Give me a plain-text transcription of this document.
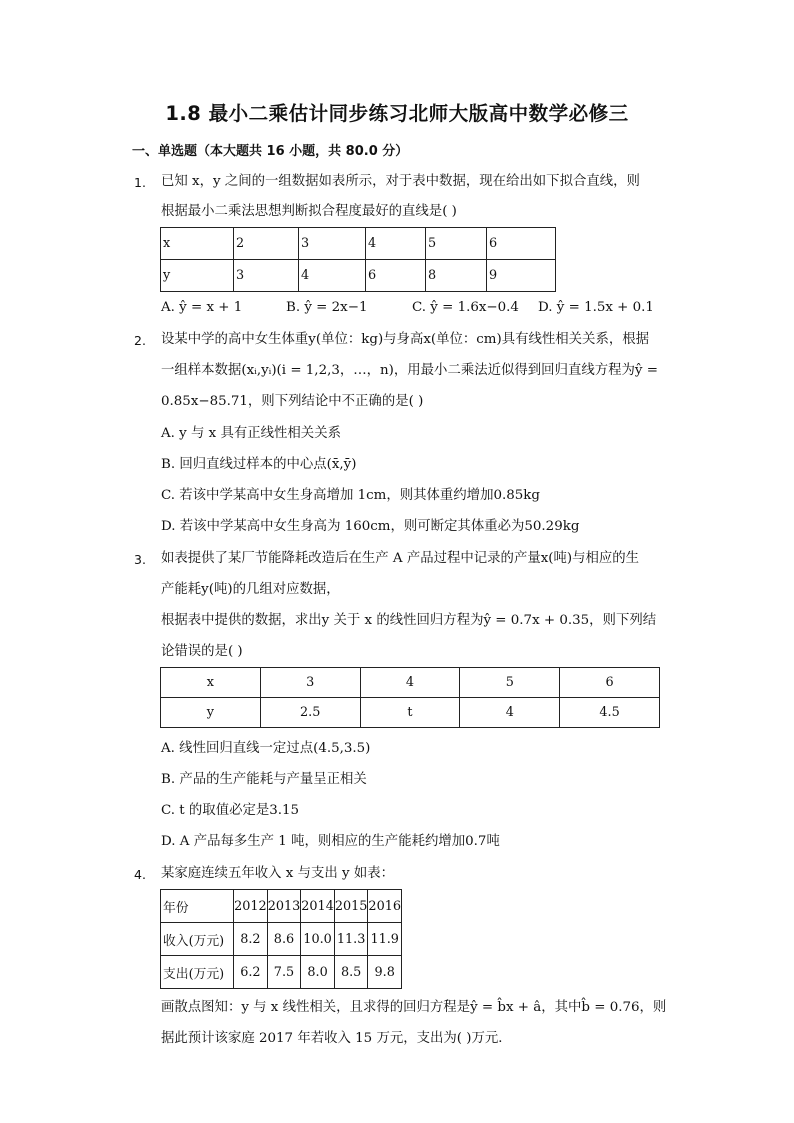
1.8 最小二乘估计同步练习北师大版高中数学必修三
一、单选题（本大题共 16 小题，共 80.0 分）
1. 已知 x，y 之间的一组数据如表所示，对于表中数据，现在给出如下拟合直线，则
根据最小二乘法思想判断拟合程度最好的直线是( )
x	2	3	4	5	6
y	3	4	6	8	9
A. ŷ = x + 1	B. ŷ = 2x−1	C. ŷ = 1.6x−0.4 D. ŷ = 1.5x + 0.1
2. 设某中学的高中女生体重y(单位：kg)与身高x(单位：cm)具有线性相关关系，根据
一组样本数据(xᵢ,yᵢ)(i = 1,2,3，…，n)，用最小二乘法近似得到回归直线方程为ŷ =
0.85x−85.71，则下列结论中不正确的是( )
A. y 与 x 具有正线性相关关系
B. 回归直线过样本的中心点(x̄,ȳ)
C. 若该中学某高中女生身高增加 1cm，则其体重约增加0.85kg
D. 若该中学某高中女生身高为 160cm，则可断定其体重必为50.29kg
3. 如表提供了某厂节能降耗改造后在生产 A 产品过程中记录的产量x(吨)与相应的生
产能耗y(吨)的几组对应数据，
根据表中提供的数据，求出y 关于 x 的线性回归方程为ŷ = 0.7x + 0.35，则下列结
论错误的是( )
x	3	4	5	6
y	2.5	t	4	4.5
A. 线性回归直线一定过点(4.5,3.5)
B. 产品的生产能耗与产量呈正相关
C. t 的取值必定是3.15
D. A 产品每多生产 1 吨，则相应的生产能耗约增加0.7吨
4. 某家庭连续五年收入 x 与支出 y 如表：
年份	2012	2013	2014	2015	2016
收入(万元)	8.2	8.6	10.0	11.3	11.9
支出(万元)	6.2	7.5	8.0	8.5	9.8
画散点图知：y 与 x 线性相关，且求得的回归方程是ŷ = b̂x + â，其中b̂ = 0.76，则
据此预计该家庭 2017 年若收入 15 万元，支出为( )万元．
